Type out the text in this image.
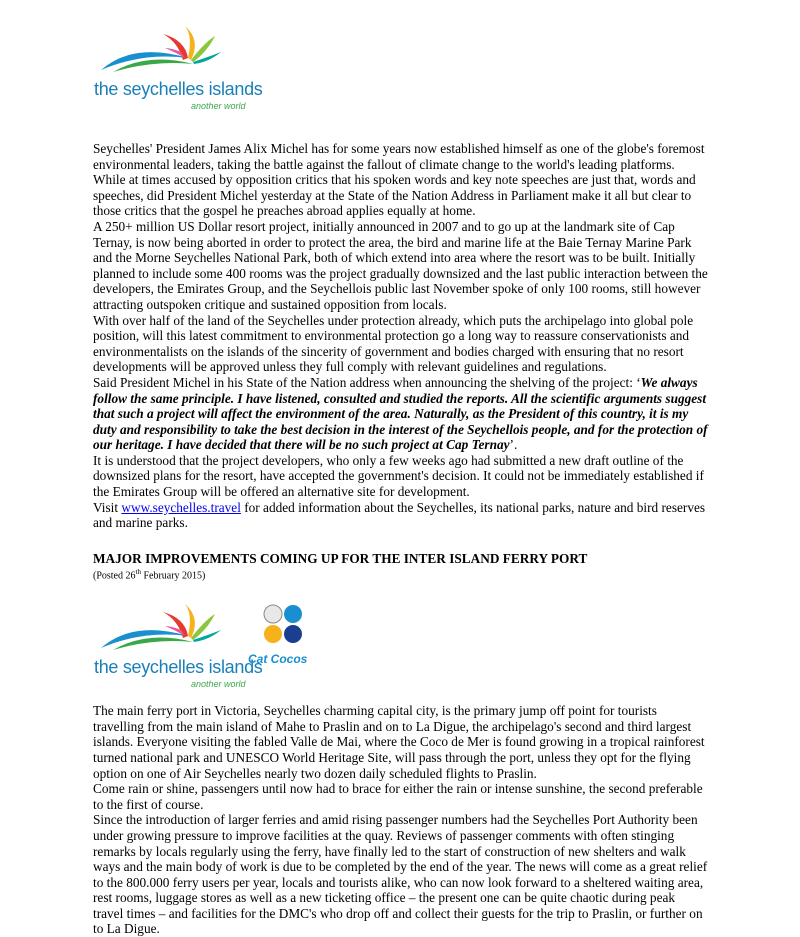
the seychelles islands
another world

Seychelles' President James Alix Michel has for some years now established himself as one of the globe's foremost environmental leaders, taking the battle against the fallout of climate change to the world's leading platforms. While at times accused by opposition critics that his spoken words and key note speeches are just that, words and speeches, did President Michel yesterday at the State of the Nation Address in Parliament make it all but clear to those critics that the gospel he preaches abroad applies equally at home.

A 250+ million US Dollar resort project, initially announced in 2007 and to go up at the landmark site of Cap Ternay, is now being aborted in order to protect the area, the bird and marine life at the Baie Ternay Marine Park and the Morne Seychelles National Park, both of which extend into area where the resort was to be built. Initially planned to include some 400 rooms was the project gradually downsized and the last public interaction between the developers, the Emirates Group, and the Seychellois public last November spoke of only 100 rooms, still however attracting outspoken critique and sustained opposition from locals.

With over half of the land of the Seychelles under protection already, which puts the archipelago into global pole position, will this latest commitment to environmental protection go a long way to reassure conservationists and environmentalists on the islands of the sincerity of government and bodies charged with ensuring that no resort developments will be approved unless they full comply with relevant guidelines and regulations.

Said President Michel in his State of the Nation address when announcing the shelving of the project: ‘We always follow the same principle. I have listened, consulted and studied the reports. All the scientific arguments suggest that such a project will affect the environment of the area. Naturally, as the President of this country, it is my duty and responsibility to take the best decision in the interest of the Seychellois people, and for the protection of our heritage. I have decided that there will be no such project at Cap Ternay’.

It is understood that the project developers, who only a few weeks ago had submitted a new draft outline of the downsized plans for the resort, have accepted the government's decision. It could not be immediately established if the Emirates Group will be offered an alternative site for development.

Visit www.seychelles.travel for added information about the Seychelles, its national parks, nature and bird reserves and marine parks.

MAJOR IMPROVEMENTS COMING UP FOR THE INTER ISLAND FERRY PORT
(Posted 26th February 2015)
the seychelles islands
another world
Cat Cocos

The main ferry port in Victoria, Seychelles charming capital city, is the primary jump off point for tourists travelling from the main island of Mahe to Praslin and on to La Digue, the archipelago's second and third largest islands. Everyone visiting the fabled Valle de Mai, where the Coco de Mer is found growing in a tropical rainforest turned national park and UNESCO World Heritage Site, will pass through the port, unless they opt for the flying option on one of Air Seychelles nearly two dozen daily scheduled flights to Praslin.

Come rain or shine, passengers until now had to brace for either the rain or intense sunshine, the second preferable to the first of course.

Since the introduction of larger ferries and amid rising passenger numbers had the Seychelles Port Authority been under growing pressure to improve facilities at the quay. Reviews of passenger comments with often stinging remarks by locals regularly using the ferry, have finally led to the start of construction of new shelters and walk ways and the main body of work is due to be completed by the end of the year. The news will come as a great relief to the 800.000 ferry users per year, locals and tourists alike, who can now look forward to a sheltered waiting area, rest rooms, luggage stores as well as a new ticketing office – the present one can be quite chaotic during peak travel times – and facilities for the DMC's who drop off and collect their guests for the trip to Praslin, or further on to La Digue.
